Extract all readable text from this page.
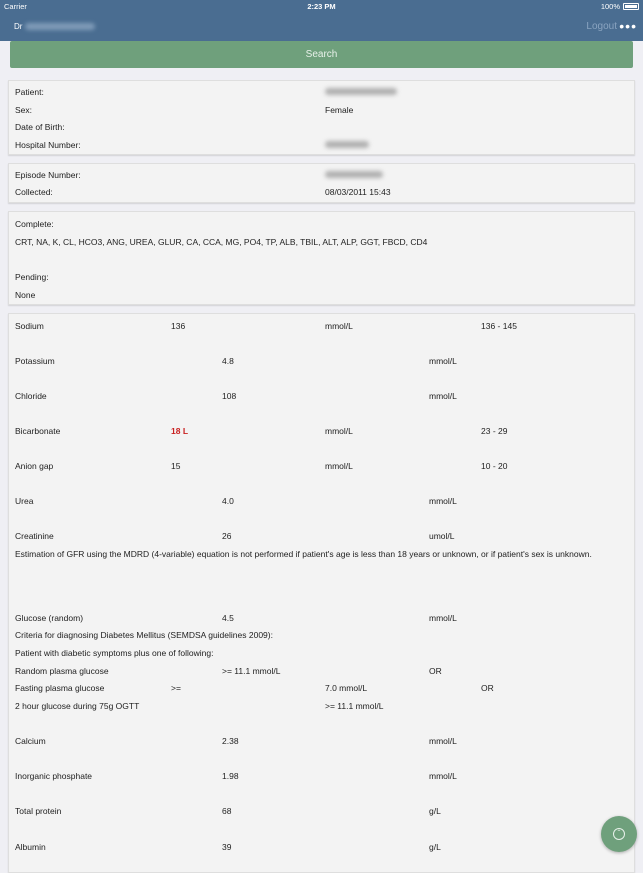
Carrier	2:23 PM	100%
Dr	Logout •••
Search
Patient:
Sex:	Female
Date of Birth:
Hospital Number:
Episode Number:
Collected:	08/03/2011 15:43
Complete:
CRT, NA, K, CL, HCO3, ANG, UREA, GLUR, CA, CCA, MG, PO4, TP, ALB, TBIL, ALT, ALP, GGT, FBCD, CD4
Pending:
None
Sodium	136	mmol/L	136 - 145
Potassium	4.8	mmol/L
Chloride	108	mmol/L
Bicarbonate	18 L	mmol/L	23 - 29
Anion gap	15	mmol/L	10 - 20
Urea	4.0	mmol/L
Creatinine	26	umol/L
Estimation of GFR using the MDRD (4-variable) equation is not performed if patient's age is less than 18 years or unknown, or if patient's sex is unknown.
Glucose (random)	4.5	mmol/L
Criteria for diagnosing Diabetes Mellitus (SEMDSA guidelines 2009):
Patient with diabetic symptoms plus one of following:
Random plasma glucose	>= 11.1 mmol/L	OR
Fasting plasma glucose	>=	7.0 mmol/L	OR
2 hour glucose during 75g OGTT	>= 11.1 mmol/L
Calcium	2.38	mmol/L
Inorganic phosphate	1.98	mmol/L
Total protein	68	g/L
Albumin	39	g/L
ˆ
